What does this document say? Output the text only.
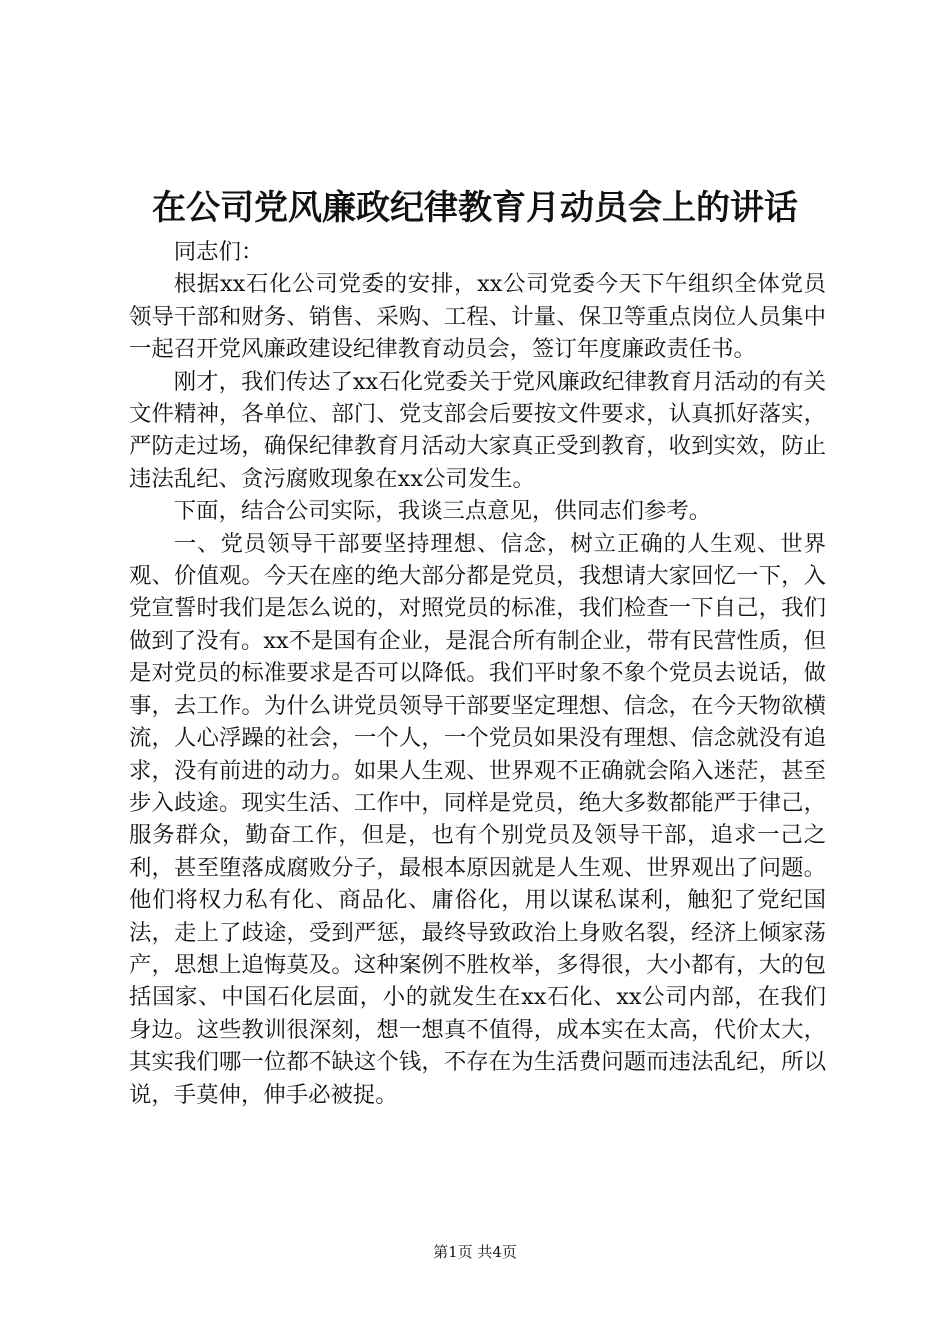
在公司党风廉政纪律教育月动员会上的讲话

同志们：

根据xx石化公司党委的安排，xx公司党委今天下午组织全体党员领导干部和财务、销售、采购、工程、计量、保卫等重点岗位人员集中一起召开党风廉政建设纪律教育动员会，签订年度廉政责任书。

刚才，我们传达了xx石化党委关于党风廉政纪律教育月活动的有关文件精神，各单位、部门、党支部会后要按文件要求，认真抓好落实，严防走过场，确保纪律教育月活动大家真正受到教育，收到实效，防止违法乱纪、贪污腐败现象在xx公司发生。

下面，结合公司实际，我谈三点意见，供同志们参考。

一、党员领导干部要坚持理想、信念，树立正确的人生观、世界观、价值观。今天在座的绝大部分都是党员，我想请大家回忆一下，入党宣誓时我们是怎么说的，对照党员的标准，我们检查一下自己，我们做到了没有。xx不是国有企业，是混合所有制企业，带有民营性质，但是对党员的标准要求是否可以降低。我们平时象不象个党员去说话，做事，去工作。为什么讲党员领导干部要坚定理想、信念，在今天物欲横流，人心浮躁的社会，一个人，一个党员如果没有理想、信念就没有追求，没有前进的动力。如果人生观、世界观不正确就会陷入迷茫，甚至步入歧途。现实生活、工作中，同样是党员，绝大多数都能严于律己，服务群众，勤奋工作，但是，也有个别党员及领导干部，追求一己之利，甚至堕落成腐败分子，最根本原因就是人生观、世界观出了问题。他们将权力私有化、商品化、庸俗化，用以谋私谋利，触犯了党纪国法，走上了歧途，受到严惩，最终导致政治上身败名裂，经济上倾家荡产，思想上追悔莫及。这种案例不胜枚举，多得很，大小都有，大的包括国家、中国石化层面，小的就发生在xx石化、xx公司内部，在我们身边。这些教训很深刻，想一想真不值得，成本实在太高，代价太大，其实我们哪一位都不缺这个钱，不存在为生活费问题而违法乱纪，所以说，手莫伸，伸手必被捉。

第1页 共4页
